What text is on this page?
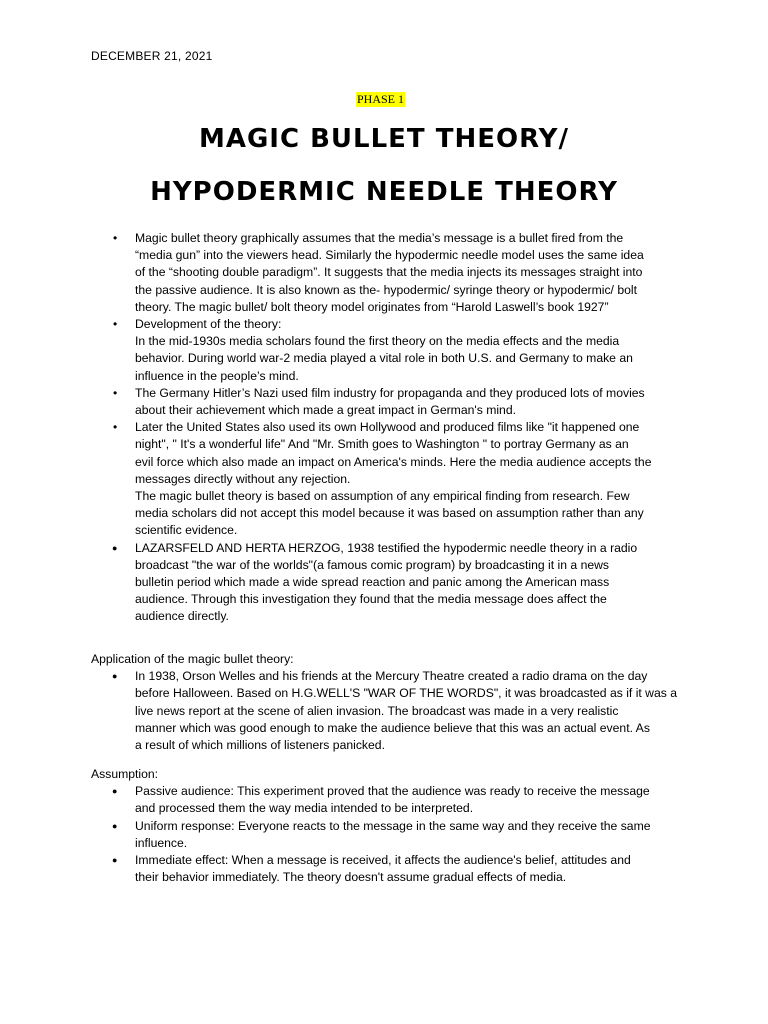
DECEMBER 21, 2021
PHASE 1
MAGIC BULLET THEORY/
HYPODERMIC NEEDLE THEORY
• Magic bullet theory graphically assumes that the media’s message is a bullet fired from the
“media gun” into the viewers head. Similarly the hypodermic needle model uses the same idea
of the “shooting double paradigm”. It suggests that the media injects its messages straight into
the passive audience. It is also known as the- hypodermic/ syringe theory or hypodermic/ bolt
theory. The magic bullet/ bolt theory model originates from “Harold Laswell’s book 1927”
• Development of the theory:
In the mid-1930s media scholars found the first theory on the media effects and the media
behavior. During world war-2 media played a vital role in both U.S. and Germany to make an
influence in the people’s mind.
• The Germany Hitler’s Nazi used film industry for propaganda and they produced lots of movies
about their achievement which made a great impact in German's mind.
• Later the United States also used its own Hollywood and produced films like "it happened one
night", " It's a wonderful life" And "Mr. Smith goes to Washington " to portray Germany as an
evil force which also made an impact on America's minds. Here the media audience accepts the
messages directly without any rejection.
The magic bullet theory is based on assumption of any empirical finding from research. Few
media scholars did not accept this model because it was based on assumption rather than any
scientific evidence.
● LAZARSFELD AND HERTA HERZOG, 1938 testified the hypodermic needle theory in a radio
broadcast "the war of the worlds"(a famous comic program) by broadcasting it in a news
bulletin period which made a wide spread reaction and panic among the American mass
audience. Through this investigation they found that the media message does affect the
audience directly.

Application of the magic bullet theory:

● In 1938, Orson Welles and his friends at the Mercury Theatre created a radio drama on the day
before Halloween. Based on H.G.WELL'S "WAR OF THE WORDS", it was broadcasted as if it was a
live news report at the scene of alien invasion. The broadcast was made in a very realistic
manner which was good enough to make the audience believe that this was an actual event. As
a result of which millions of listeners panicked.

Assumption:

● Passive audience: This experiment proved that the audience was ready to receive the message
and processed them the way media intended to be interpreted.
● Uniform response: Everyone reacts to the message in the same way and they receive the same
influence.
● Immediate effect: When a message is received, it affects the audience's belief, attitudes and
their behavior immediately. The theory doesn't assume gradual effects of media.
